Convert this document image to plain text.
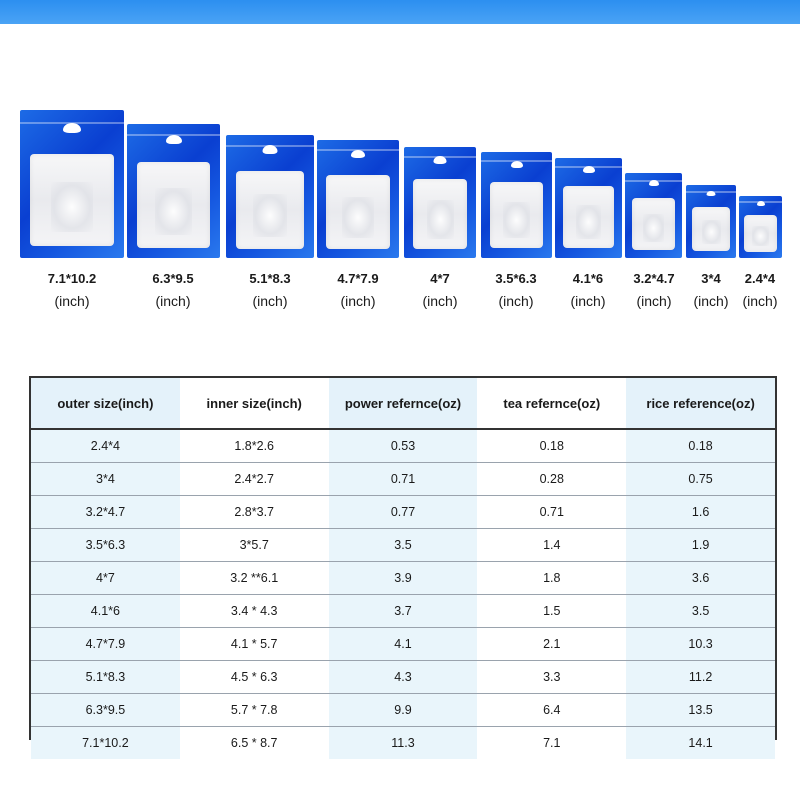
7.1*10.2
(inch)
6.3*9.5
(inch)
5.1*8.3
(inch)
4.7*7.9
(inch)
4*7
(inch)
3.5*6.3
(inch)
4.1*6
(inch)
3.2*4.7
(inch)
3*4
(inch)
2.4*4
(inch)
outer size(inch)	inner size(inch)	power refernce(oz)	tea refernce(oz)	rice reference(oz)
2.4*4	1.8*2.6	0.53	0.18	0.18
3*4	2.4*2.7	0.71	0.28	0.75
3.2*4.7	2.8*3.7	0.77	0.71	1.6
3.5*6.3	3*5.7	3.5	1.4	1.9
4*7	3.2 **6.1	3.9	1.8	3.6
4.1*6	3.4 * 4.3	3.7	1.5	3.5
4.7*7.9	4.1 * 5.7	4.1	2.1	10.3
5.1*8.3	4.5 * 6.3	4.3	3.3	11.2
6.3*9.5	5.7 * 7.8	9.9	6.4	13.5
7.1*10.2	6.5 * 8.7	11.3	7.1	14.1
